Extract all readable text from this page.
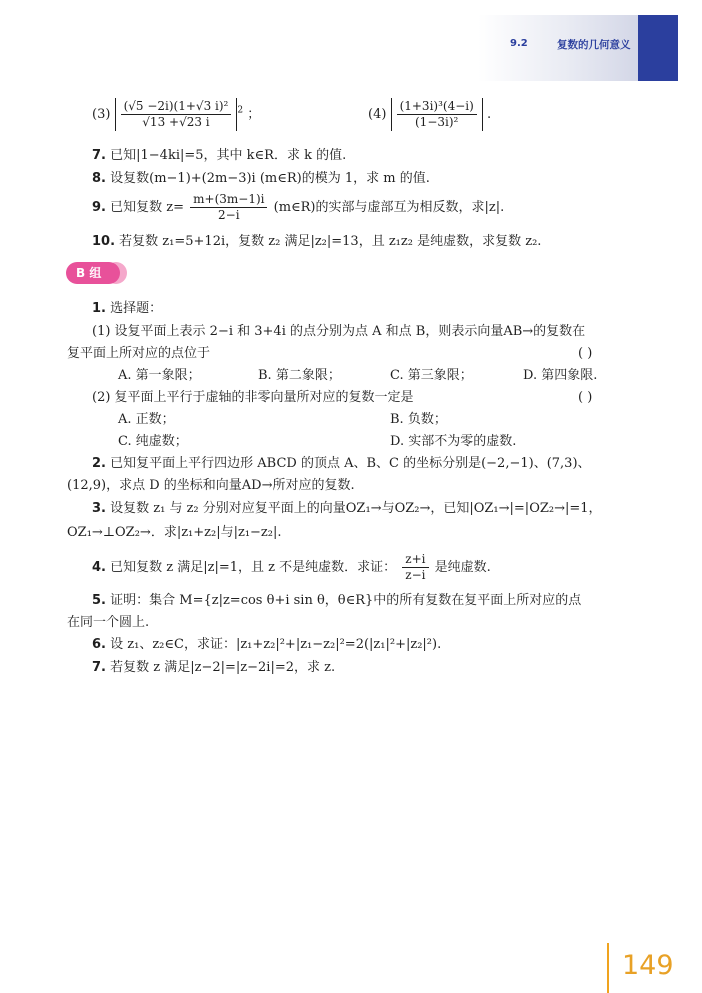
9.2	复数的几何意义
$(3) \frac{\text{(√5 −2i)(1+√3 i)²}}{√13 +√23 i} ^2$ ；	$(4) \frac{\text{(1+3i)³(4−i)}}{\text{(1−3i)²}}$ .
7. 已知|1−4ki|=5，其中 k∈R．求 k 的值.
8. 设复数(m−1)+(2m−3)i (m∈R)的模为 1，求 m 的值.
9. 已知复数 $z= \frac{m+(3m-1)i}{2-i}$ (m∈R)的实部与虚部互为相反数，求|z|.
10. 若复数 z₁=5+12i，复数 z₂ 满足|z₂|=13，且 z₁z₂ 是纯虚数，求复数 z₂.
B 组
1. 选择题：
(1) 设复平面上表示 2−i 和 3+4i 的点分别为点 A 和点 B，则表示向量AB→的复数在
复平面上所对应的点位于	( )
A. 第一象限；	B. 第二象限；	C. 第三象限；	D. 第四象限.
(2) 复平面上平行于虚轴的非零向量所对应的复数一定是	( )
A. 正数；	B. 负数；
C. 纯虚数；	D. 实部不为零的虚数.
2. 已知复平面上平行四边形 ABCD 的顶点 A、B、C 的坐标分别是(−2,−1)、(7,3)、
(12,9)，求点 D 的坐标和向量AD→所对应的复数.
3. 设复数 z₁ 与 z₂ 分别对应复平面上的向量OZ₁→与OZ₂→，已知|OZ₁→|=|OZ₂→|=1，
OZ₁→⊥OZ₂→．求|z₁+z₂|与|z₁−z₂|.
4. 已知复数 z 满足|z|=1，且 z 不是纯虚数．求证： $\frac{z+i}{z-i}$ 是纯虚数.
5. 证明：集合 M={z|z=cos θ+i sin θ，θ∈R}中的所有复数在复平面上所对应的点
在同一个圆上.
6. 设 z₁、z₂∈C，求证：|z₁+z₂|²+|z₁−z₂|²=2(|z₁|²+|z₂|²).
7. 若复数 z 满足|z−2|=|z−2i|=2，求 z.
149
